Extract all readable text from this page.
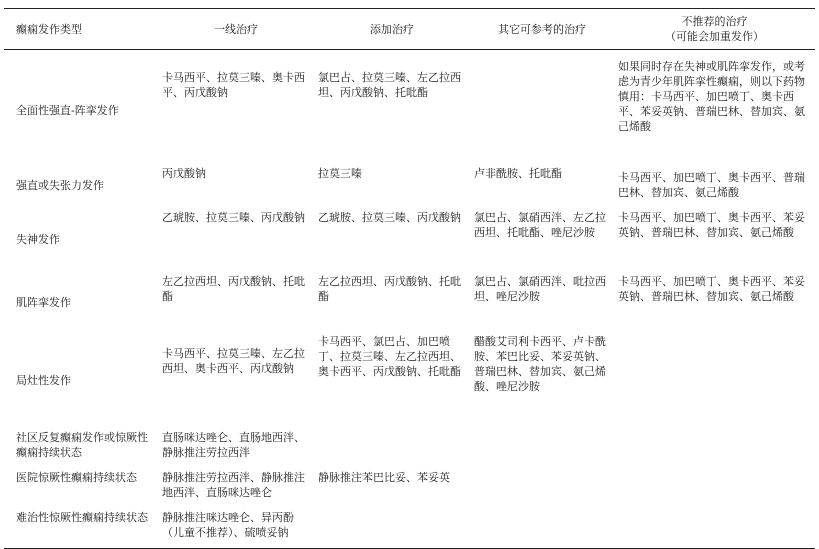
癫痫发作类型	一线治疗	添加治疗	其它可参考的治疗	不推荐的治疗
（可能会加重发作）

全面性强直-阵挛发作	卡马西平、拉莫三嗪、奥卡西平、丙戊酸钠	氯巴占、拉莫三嗪、左乙拉西坦、丙戊酸钠、托吡酯		如果同时存在失神或肌阵挛发作，或考虑为青少年肌阵挛性癫痫，则以下药物慎用：卡马西平、加巴喷丁、奥卡西平、苯妥英钠、普瑞巴林、替加宾、氨己烯酸
强直或失张力发作	丙戊酸钠	拉莫三嗪	卢非酰胺、托吡酯	卡马西平、加巴喷丁、奥卡西平、普瑞巴林、替加宾、氨己烯酸
失神发作	乙琥胺、拉莫三嗪、丙戊酸钠	乙琥胺、拉莫三嗪、丙戊酸钠	氯巴占、氯硝西泮、左乙拉西坦、托吡酯、唑尼沙胺	卡马西平、加巴喷丁、奥卡西平、苯妥英钠、普瑞巴林、替加宾、氨己烯酸
肌阵挛发作	左乙拉西坦、丙戊酸钠、托吡酯	左乙拉西坦、丙戊酸钠、托吡酯	氯巴占、氯硝西泮、吡拉西坦、唑尼沙胺	卡马西平、加巴喷丁、奥卡西平、苯妥英钠、普瑞巴林、替加宾、氨己烯酸
局灶性发作	卡马西平、拉莫三嗪、左乙拉西坦、奥卡西平、丙戊酸钠	卡马西平、氯巴占、加巴喷丁、拉莫三嗪、左乙拉西坦、奥卡西平、丙戊酸钠、托吡酯	醋酸艾司利卡西平、卢卡酰胺、苯巴比妥、苯妥英钠、普瑞巴林、替加宾、氨己烯酸、唑尼沙胺	
社区反复癫痫发作或惊厥性癫痫持续状态	直肠咪达唑仑、直肠地西泮、静脉推注劳拉西泮			
医院惊厥性癫痫持续状态	静脉推注劳拉西泮、静脉推注地西泮、直肠咪达唑仑	静脉推注苯巴比妥、苯妥英		
难治性惊厥性癫痫持续状态	静脉推注咪达唑仑、异丙酚（儿童不推荐）、硫喷妥钠			
